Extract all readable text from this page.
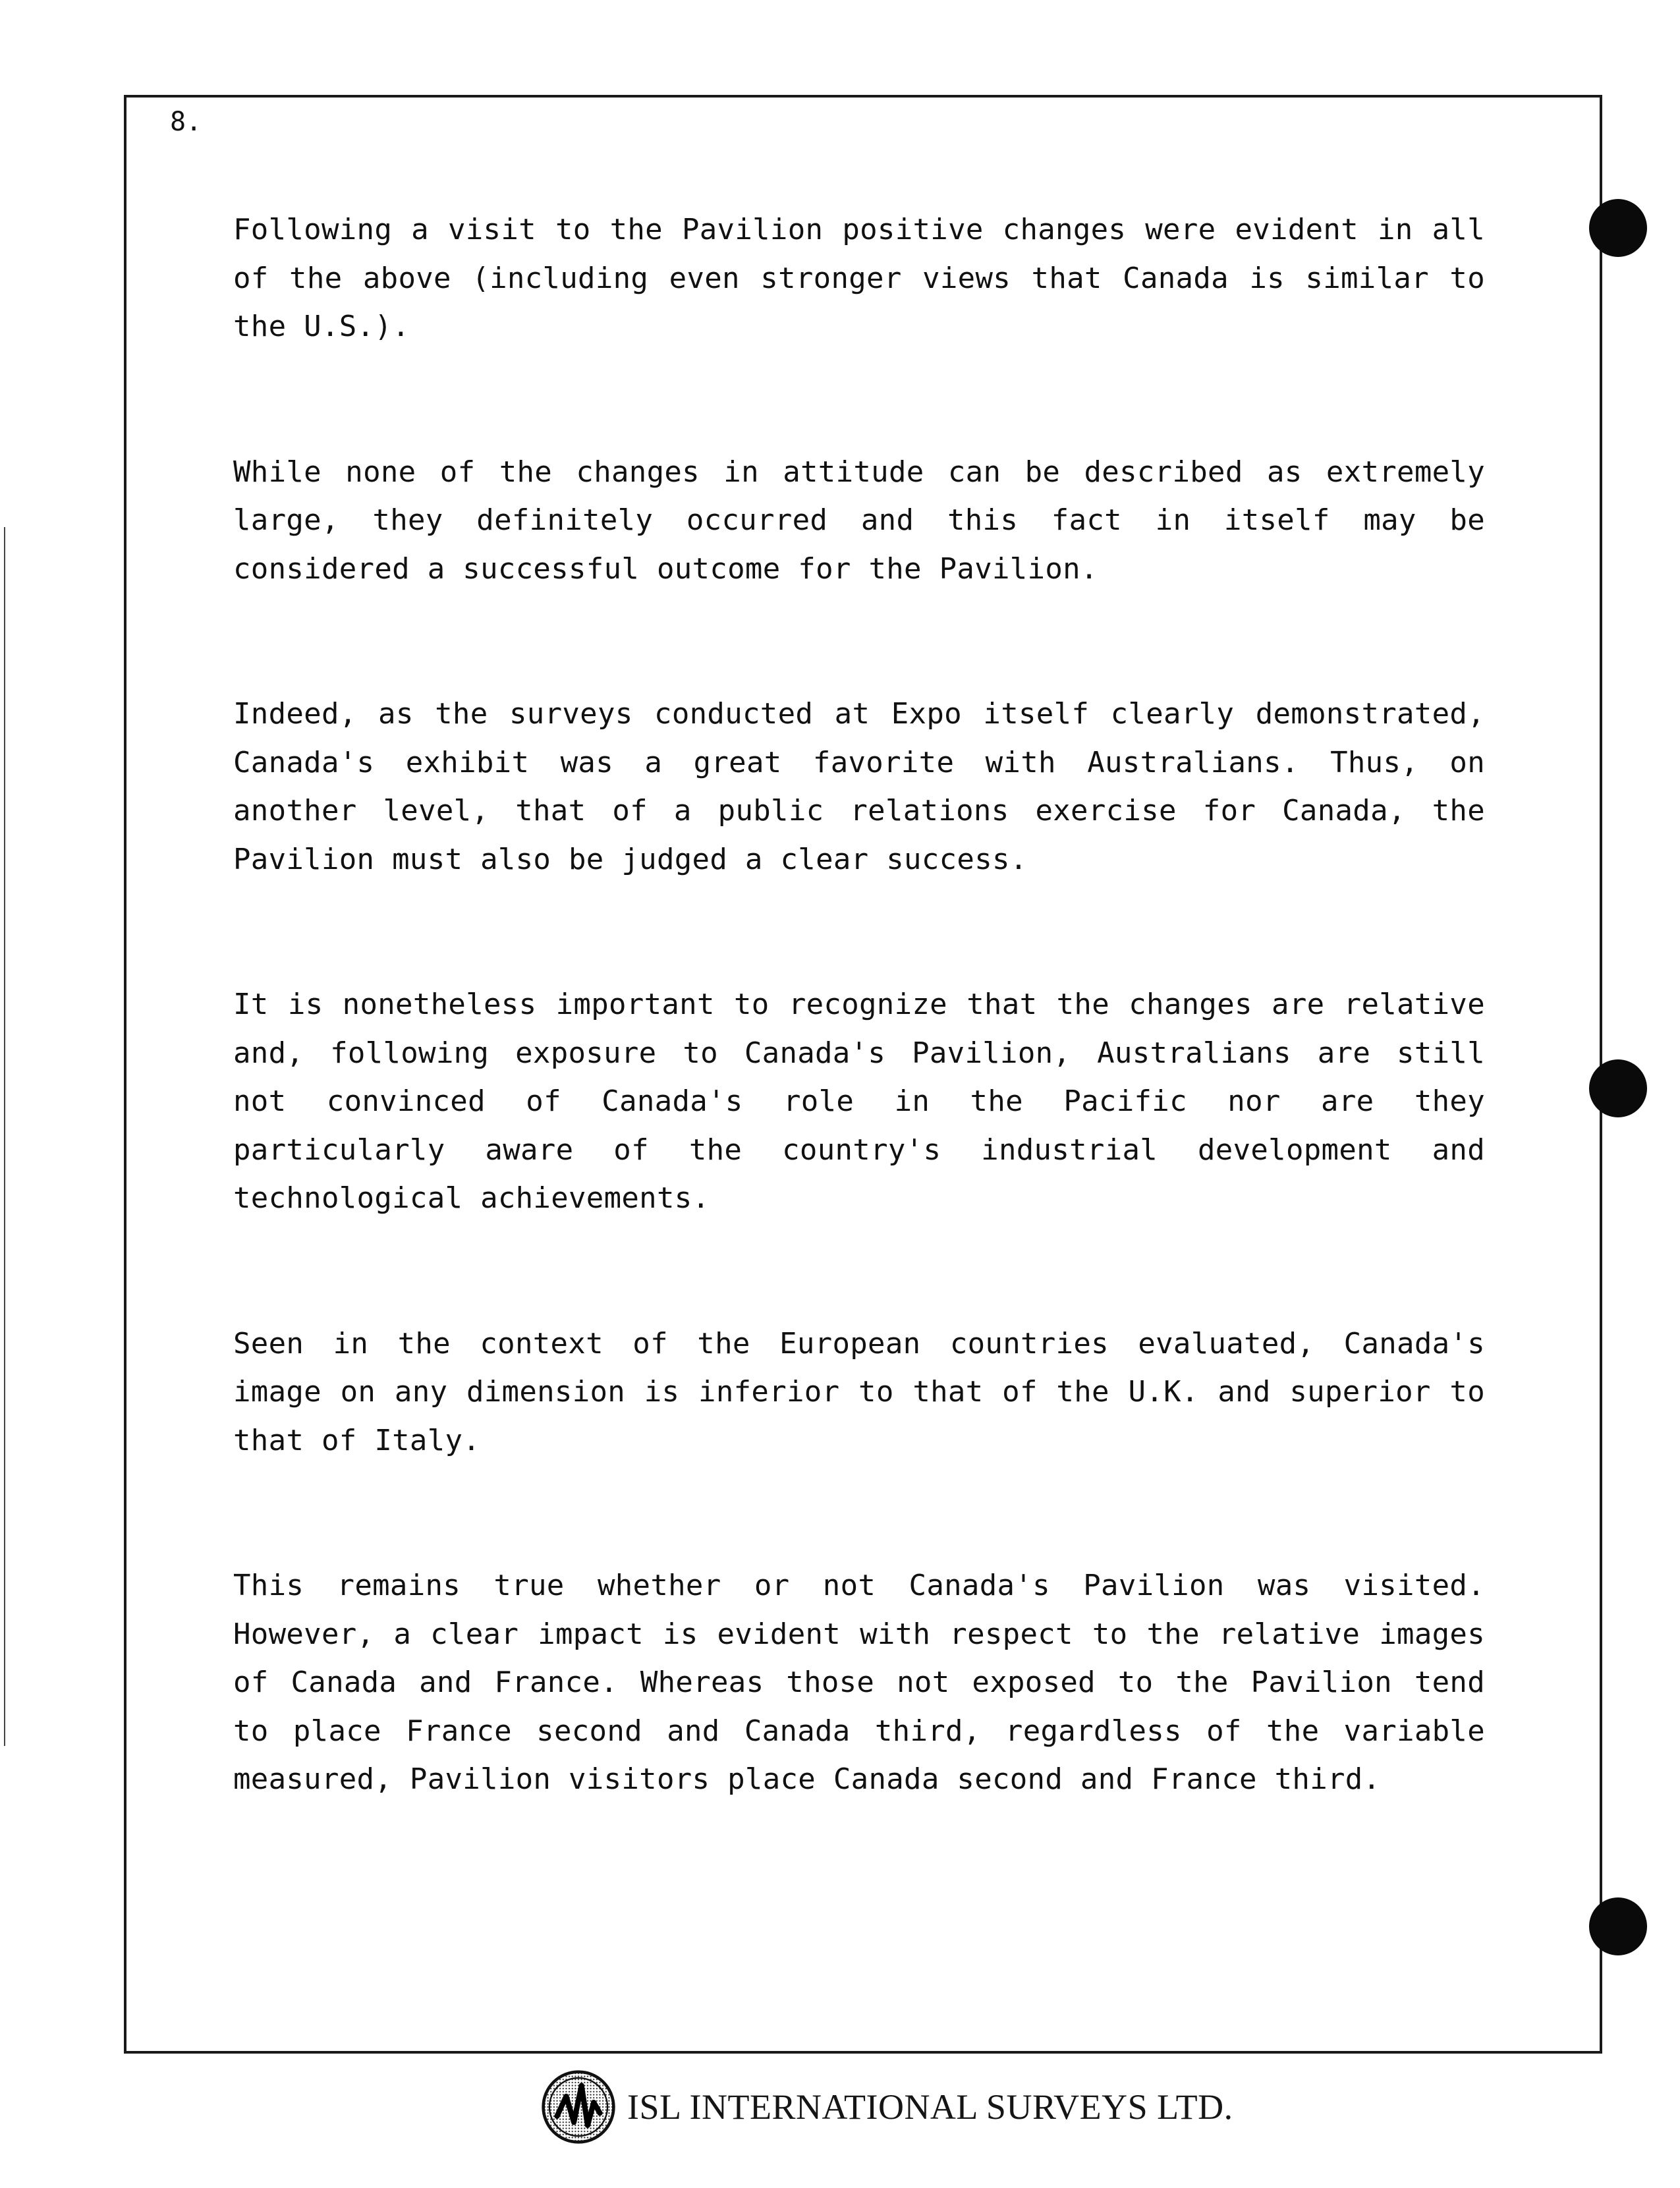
8.

Following a visit to the Pavilion positive changes were evident in all of the above (including even stronger views that Canada is similar to the U.S.).

While none of the changes in attitude can be described as extremely large, they definitely occurred and this fact in itself may be considered a successful outcome for the Pavilion.

Indeed, as the surveys conducted at Expo itself clearly demonstrated, Canada's exhibit was a great favorite with Australians. Thus, on another level, that of a public relations exercise for Canada, the Pavilion must also be judged a clear success.

It is nonetheless important to recognize that the changes are relative and, following exposure to Canada's Pavilion, Australians are still not convinced of Canada's role in the Pacific nor are they particularly aware of the country's industrial development and technological achievements.

Seen in the context of the European countries evaluated, Canada's image on any dimension is inferior to that of the U.K. and superior to that of Italy.

This remains true whether or not Canada's Pavilion was visited. However, a clear impact is evident with respect to the relative images of Canada and France. Whereas those not exposed to the Pavilion tend to place France second and Canada third, regardless of the variable measured, Pavilion visitors place Canada second and France third.

ISL INTERNATIONAL SURVEYS LTD.
